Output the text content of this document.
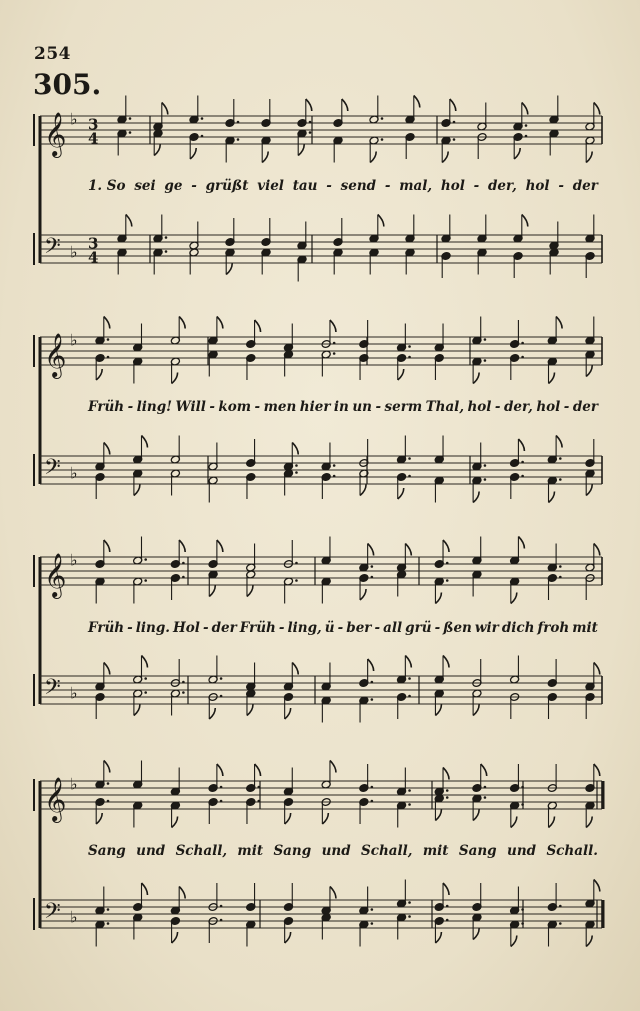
254
305.
𝄞 ♭ 3
4
𝄢 ♭ 3
4
𝄞 ♭
𝄢 ♭
𝄞 ♭
𝄢 ♭
𝄞 ♭
𝄢 ♭
1. So sei ge - grüßt viel tau - send - mal, hol - der, hol - der
Früh - ling! Will - kom - men hier in un - serm Thal, hol - der, hol - der
Früh - ling. Hol - der Früh - ling, ü - ber - all grü - ßen wir dich froh mit
Sang und Schall, mit Sang und Schall, mit Sang und Schall.
